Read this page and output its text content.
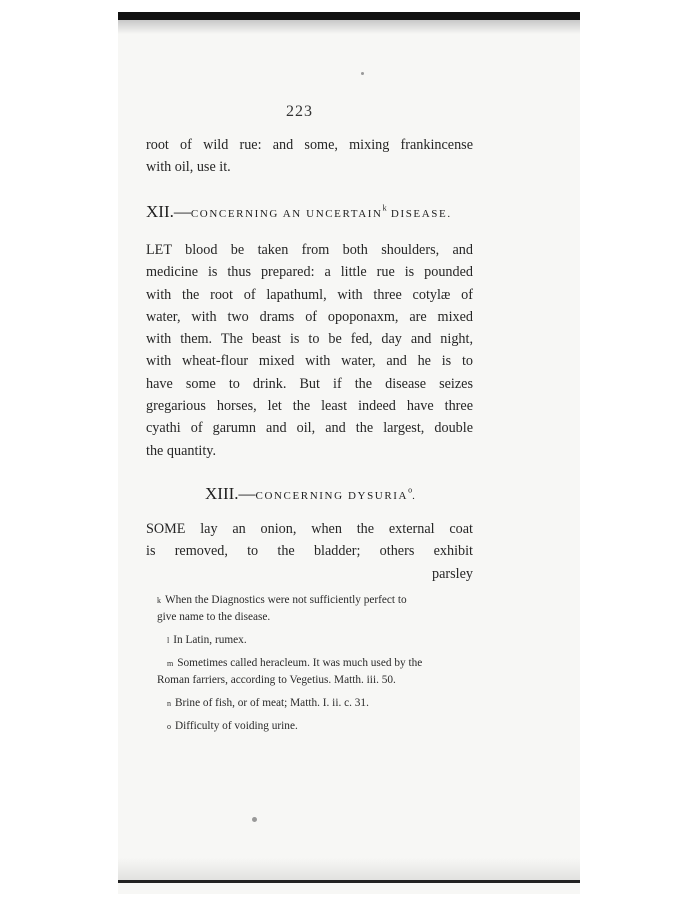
223
root of wild rue: and some, mixing frankincense
with oil, use it.
XII.—CONCERNING AN UNCERTAIN$^k$ DISEASE.
LET blood be taken from both shoulders, and
medicine is thus prepared: a little rue is pounded
with the root of lapathuml, with three cotylæ of
water, with two drams of opoponaxm, are mixed
with them. The beast is to be fed, day and night,
with wheat-flour mixed with water, and he is to
have some to drink. But if the disease seizes
gregarious horses, let the least indeed have three
cyathi of garumn and oil, and the largest, double
the quantity.
XIII.—CONCERNING DYSURIA$^o$.
SOME lay an onion, when the external coat
is removed, to the bladder; others exhibit
parsley
k When the Diagnostics were not sufficiently perfect to
give name to the disease.
l In Latin, rumex.
m Sometimes called heracleum. It was much used by the
Roman farriers, according to Vegetius. Matth. iii. 50.
n Brine of fish, or of meat; Matth. I. ii. c. 31.
o Difficulty of voiding urine.
